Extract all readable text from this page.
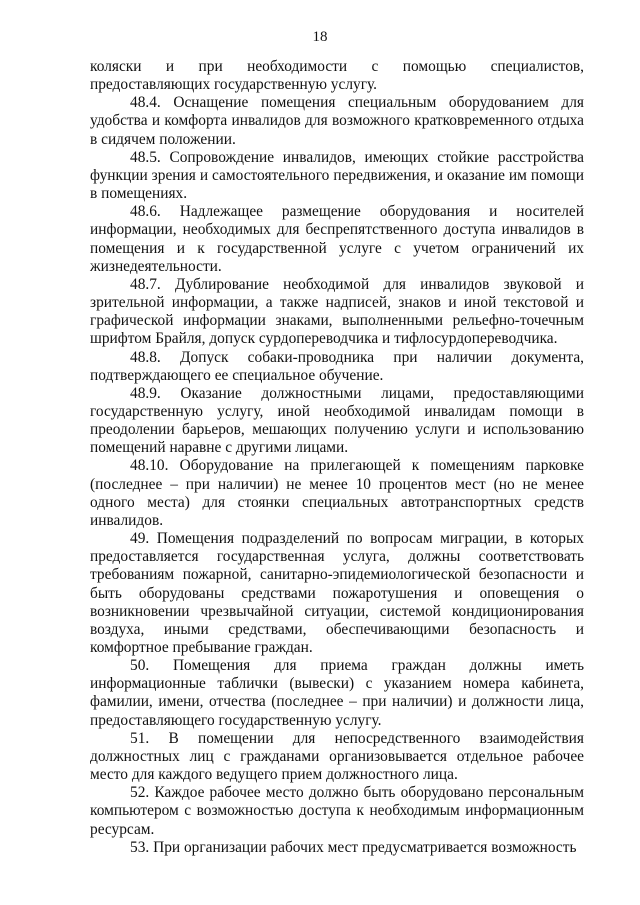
18

коляски и при необходимости с помощью специалистов, предоставляющих государственную услугу.

48.4. Оснащение помещения специальным оборудованием для удобства и комфорта инвалидов для возможного кратковременного отдыха в сидячем положении.

48.5. Сопровождение инвалидов, имеющих стойкие расстройства функции зрения и самостоятельного передвижения, и оказание им помощи в помещениях.

48.6. Надлежащее размещение оборудования и носителей информации, необходимых для беспрепятственного доступа инвалидов в помещения и к государственной услуге с учетом ограничений их жизнедеятельности.

48.7. Дублирование необходимой для инвалидов звуковой и зрительной информации, а также надписей, знаков и иной текстовой и графической информации знаками, выполненными рельефно-точечным шрифтом Брайля, допуск сурдопереводчика и тифлосурдопереводчика.

48.8. Допуск собаки-проводника при наличии документа, подтверждающего ее специальное обучение.

48.9. Оказание должностными лицами, предоставляющими государственную услугу, иной необходимой инвалидам помощи в преодолении барьеров, мешающих получению услуги и использованию помещений наравне с другими лицами.

48.10. Оборудование на прилегающей к помещениям парковке (последнее – при наличии) не менее 10 процентов мест (но не менее одного места) для стоянки специальных автотранспортных средств инвалидов.

49. Помещения подразделений по вопросам миграции, в которых предоставляется государственная услуга, должны соответствовать требованиям пожарной, санитарно-эпидемиологической безопасности и быть оборудованы средствами пожаротушения и оповещения о возникновении чрезвычайной ситуации, системой кондиционирования воздуха, иными средствами, обеспечивающими безопасность и комфортное пребывание граждан.

50. Помещения для приема граждан должны иметь информационные таблички (вывески) с указанием номера кабинета, фамилии, имени, отчества (последнее – при наличии) и должности лица, предоставляющего государственную услугу.

51. В помещении для непосредственного взаимодействия должностных лиц с гражданами организовывается отдельное рабочее место для каждого ведущего прием должностного лица.

52. Каждое рабочее место должно быть оборудовано персональным компьютером с возможностью доступа к необходимым информационным ресурсам.

53. При организации рабочих мест предусматривается возможность
